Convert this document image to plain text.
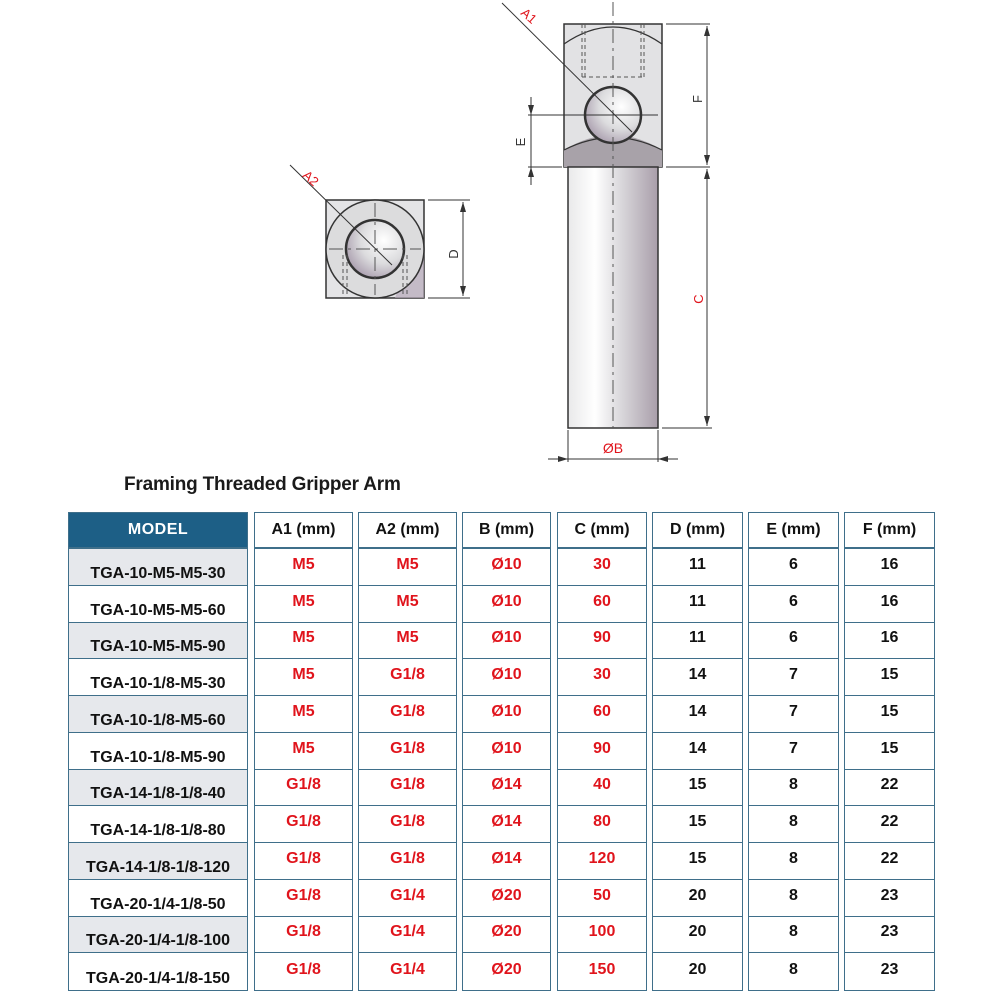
A2
D
A1
E
F
C
ØB
Framing Threaded Gripper Arm
MODEL
TGA-10-M5-M5-30
TGA-10-M5-M5-60
TGA-10-M5-M5-90
TGA-10-1/8-M5-30
TGA-10-1/8-M5-60
TGA-10-1/8-M5-90
TGA-14-1/8-1/8-40
TGA-14-1/8-1/8-80
TGA-14-1/8-1/8-120
TGA-20-1/4-1/8-50
TGA-20-1/4-1/8-100
TGA-20-1/4-1/8-150
A1 (mm)
M5
M5
M5
M5
M5
M5
G1/8
G1/8
G1/8
G1/8
G1/8
G1/8
A2 (mm)
M5
M5
M5
G1/8
G1/8
G1/8
G1/8
G1/8
G1/8
G1/4
G1/4
G1/4
B (mm)
Ø10
Ø10
Ø10
Ø10
Ø10
Ø10
Ø14
Ø14
Ø14
Ø20
Ø20
Ø20
C (mm)
30
60
90
30
60
90
40
80
120
50
100
150
D (mm)
11
11
11
14
14
14
15
15
15
20
20
20
E (mm)
6
6
6
7
7
7
8
8
8
8
8
8
F (mm)
16
16
16
15
15
15
22
22
22
23
23
23
